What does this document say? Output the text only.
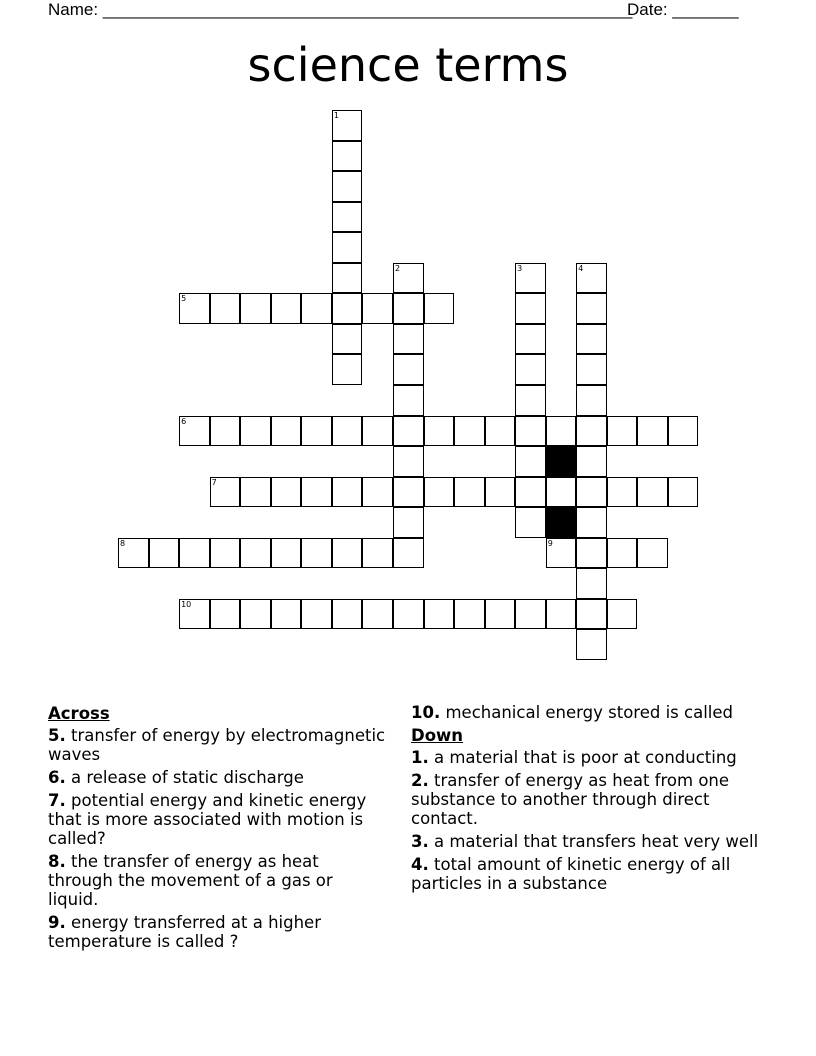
Name: ________________________________________________________
Date: _______
science terms
1
2	3	4
5
6
7
8	9
10
Across
5. transfer of energy by electromagnetic waves
6. a release of static discharge
7. potential energy and kinetic energy that is more associated with motion is called?
8. the transfer of energy as heat through the movement of a gas or liquid.
9. energy transferred at a higher temperature is called ?
10. mechanical energy stored is called
Down
1. a material that is poor at conducting
2. transfer of energy as heat from one substance to another through direct contact.
3. a material that transfers heat very well
4. total amount of kinetic energy of all particles in a substance
